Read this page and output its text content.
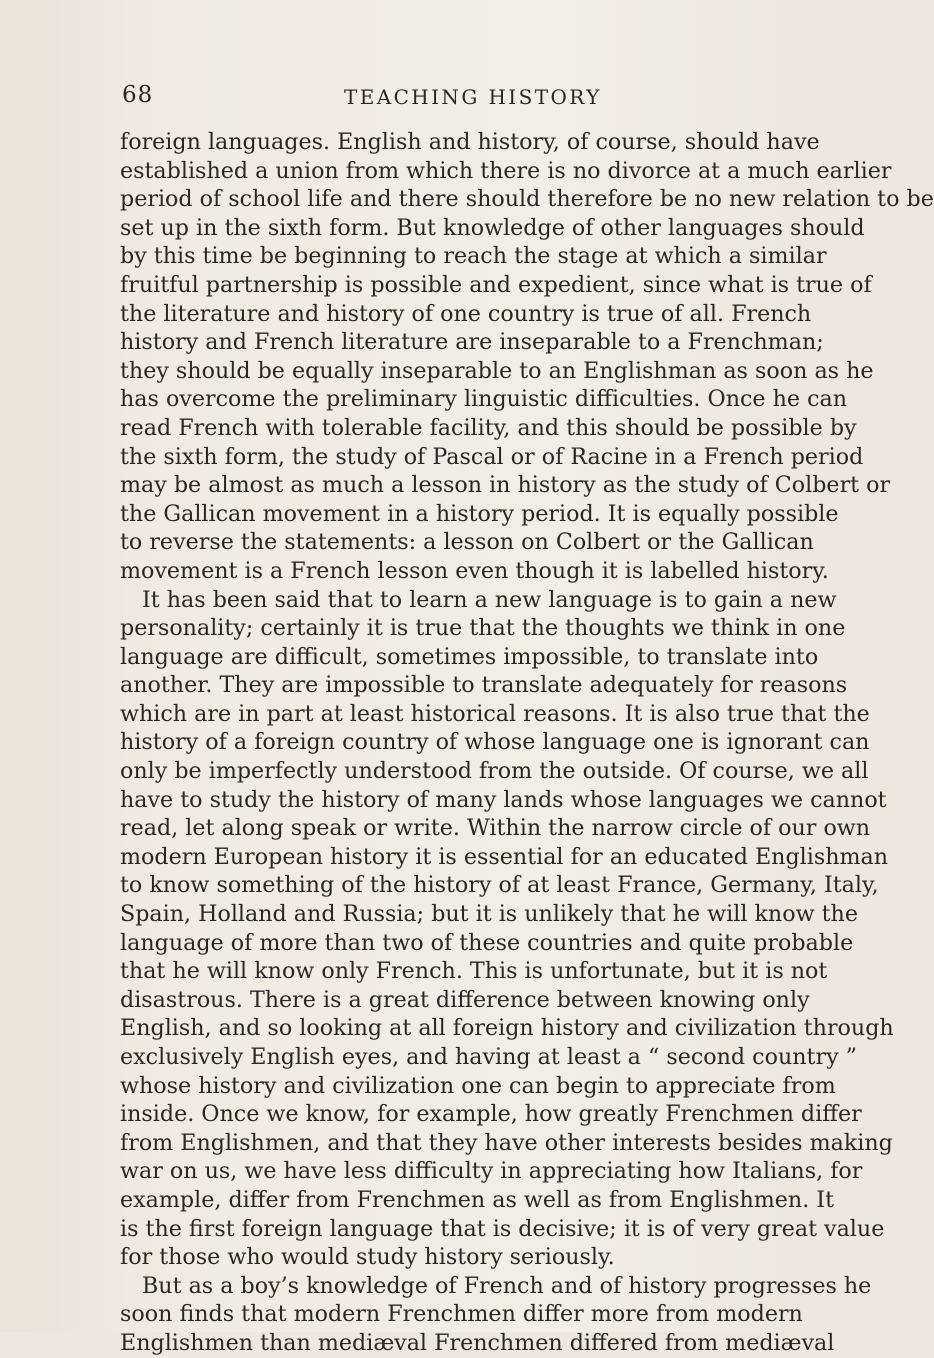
68	TEACHING HISTORY
foreign languages. English and history, of course, should have
established a union from which there is no divorce at a much earlier
period of school life and there should therefore be no new relation to be
set up in the sixth form. But knowledge of other languages should
by this time be beginning to reach the stage at which a similar
fruitful partnership is possible and expedient, since what is true of
the literature and history of one country is true of all. French
history and French literature are inseparable to a Frenchman;
they should be equally inseparable to an Englishman as soon as he
has overcome the preliminary linguistic difficulties. Once he can
read French with tolerable facility, and this should be possible by
the sixth form, the study of Pascal or of Racine in a French period
may be almost as much a lesson in history as the study of Colbert or
the Gallican movement in a history period. It is equally possible
to reverse the statements: a lesson on Colbert or the Gallican
movement is a French lesson even though it is labelled history.
It has been said that to learn a new language is to gain a new
personality; certainly it is true that the thoughts we think in one
language are difficult, sometimes impossible, to translate into
another. They are impossible to translate adequately for reasons
which are in part at least historical reasons. It is also true that the
history of a foreign country of whose language one is ignorant can
only be imperfectly understood from the outside. Of course, we all
have to study the history of many lands whose languages we cannot
read, let along speak or write. Within the narrow circle of our own
modern European history it is essential for an educated Englishman
to know something of the history of at least France, Germany, Italy,
Spain, Holland and Russia; but it is unlikely that he will know the
language of more than two of these countries and quite probable
that he will know only French. This is unfortunate, but it is not
disastrous. There is a great difference between knowing only
English, and so looking at all foreign history and civilization through
exclusively English eyes, and having at least a “ second country ”
whose history and civilization one can begin to appreciate from
inside. Once we know, for example, how greatly Frenchmen differ
from Englishmen, and that they have other interests besides making
war on us, we have less difficulty in appreciating how Italians, for
example, differ from Frenchmen as well as from Englishmen. It
is the first foreign language that is decisive; it is of very great value
for those who would study history seriously.
But as a boy’s knowledge of French and of history progresses he
soon finds that modern Frenchmen differ more from modern
Englishmen than mediæval Frenchmen differed from mediæval
